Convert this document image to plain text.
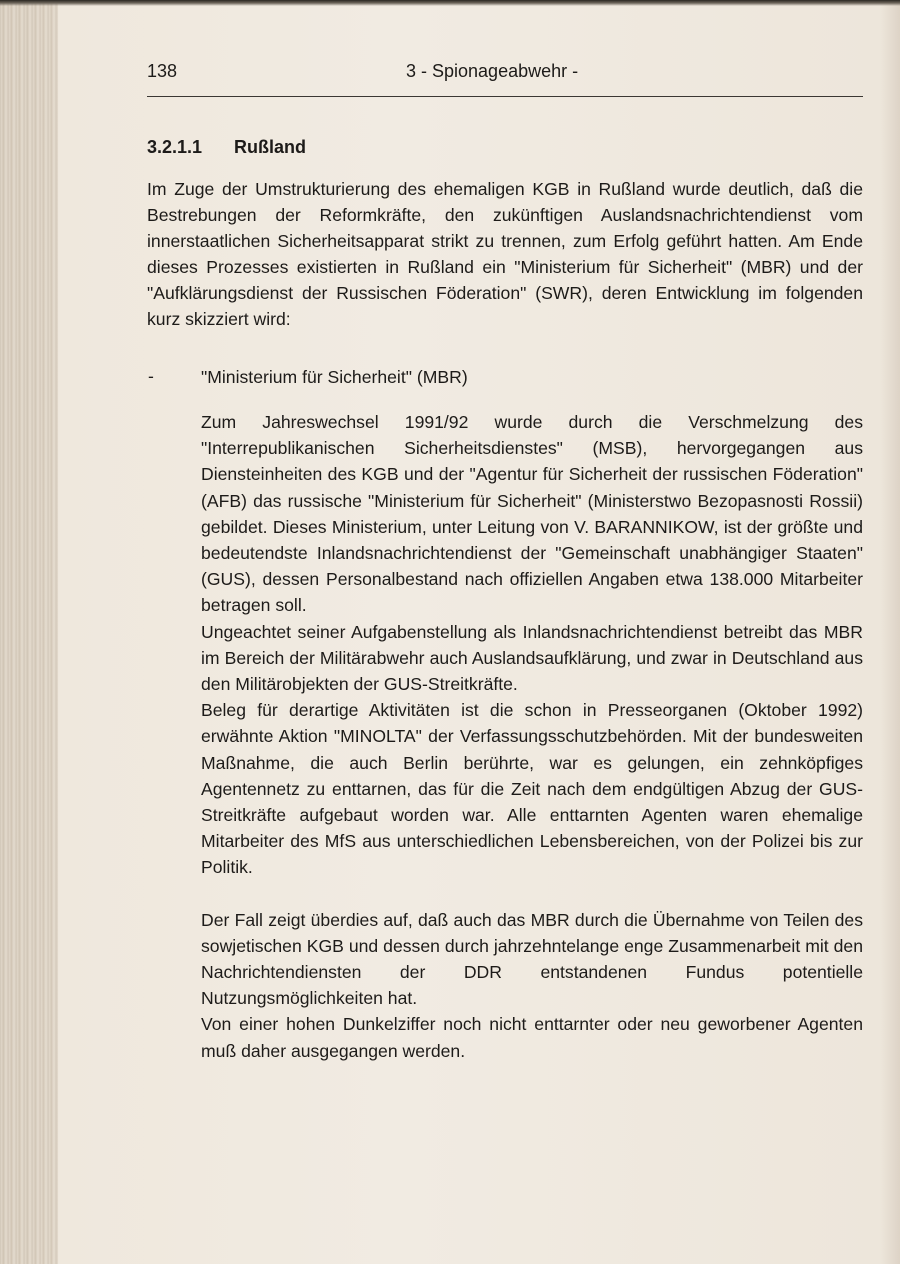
138	3 - Spionageabwehr -
3.2.1.1 Rußland

Im Zuge der Umstrukturierung des ehemaligen KGB in Rußland wurde deutlich, daß die Bestrebungen der Reformkräfte, den zukünftigen Auslandsnachrichtendienst vom innerstaatlichen Sicherheitsapparat strikt zu trennen, zum Erfolg geführt hatten. Am Ende dieses Prozesses existierten in Rußland ein "Ministerium für Sicherheit" (MBR) und der "Aufklärungsdienst der Russischen Föderation" (SWR), deren Entwicklung im folgenden kurz skizziert wird:

-	"Ministerium für Sicherheit" (MBR)

Zum Jahreswechsel 1991/92 wurde durch die Verschmelzung des "Interrepublikanischen Sicherheitsdienstes" (MSB), hervorgegangen aus Diensteinheiten des KGB und der "Agentur für Sicherheit der russischen Föderation" (AFB) das russische "Ministerium für Sicherheit" (Ministerstwo Bezopasnosti Rossii) gebildet. Dieses Ministerium, unter Leitung von V. BARANNIKOW, ist der größte und bedeutendste Inlandsnachrichtendienst der "Gemeinschaft unabhängiger Staaten" (GUS), dessen Personalbestand nach offiziellen Angaben etwa 138.000 Mitarbeiter betragen soll.

Ungeachtet seiner Aufgabenstellung als Inlandsnachrichtendienst betreibt das MBR im Bereich der Militärabwehr auch Auslandsaufklärung, und zwar in Deutschland aus den Militärobjekten der GUS-Streitkräfte.

Beleg für derartige Aktivitäten ist die schon in Presseorganen (Oktober 1992) erwähnte Aktion "MINOLTA" der Verfassungsschutzbehörden. Mit der bundesweiten Maßnahme, die auch Berlin berührte, war es gelungen, ein zehnköpfiges Agentennetz zu enttarnen, das für die Zeit nach dem endgültigen Abzug der GUS-Streitkräfte aufgebaut worden war. Alle enttarnten Agenten waren ehemalige Mitarbeiter des MfS aus unterschiedlichen Lebensbereichen, von der Polizei bis zur Politik.

Der Fall zeigt überdies auf, daß auch das MBR durch die Übernahme von Teilen des sowjetischen KGB und dessen durch jahrzehntelange enge Zusammenarbeit mit den Nachrichtendiensten der DDR entstandenen Fundus potentielle Nutzungsmöglichkeiten hat.

Von einer hohen Dunkelziffer noch nicht enttarnter oder neu geworbener Agenten muß daher ausgegangen werden.
